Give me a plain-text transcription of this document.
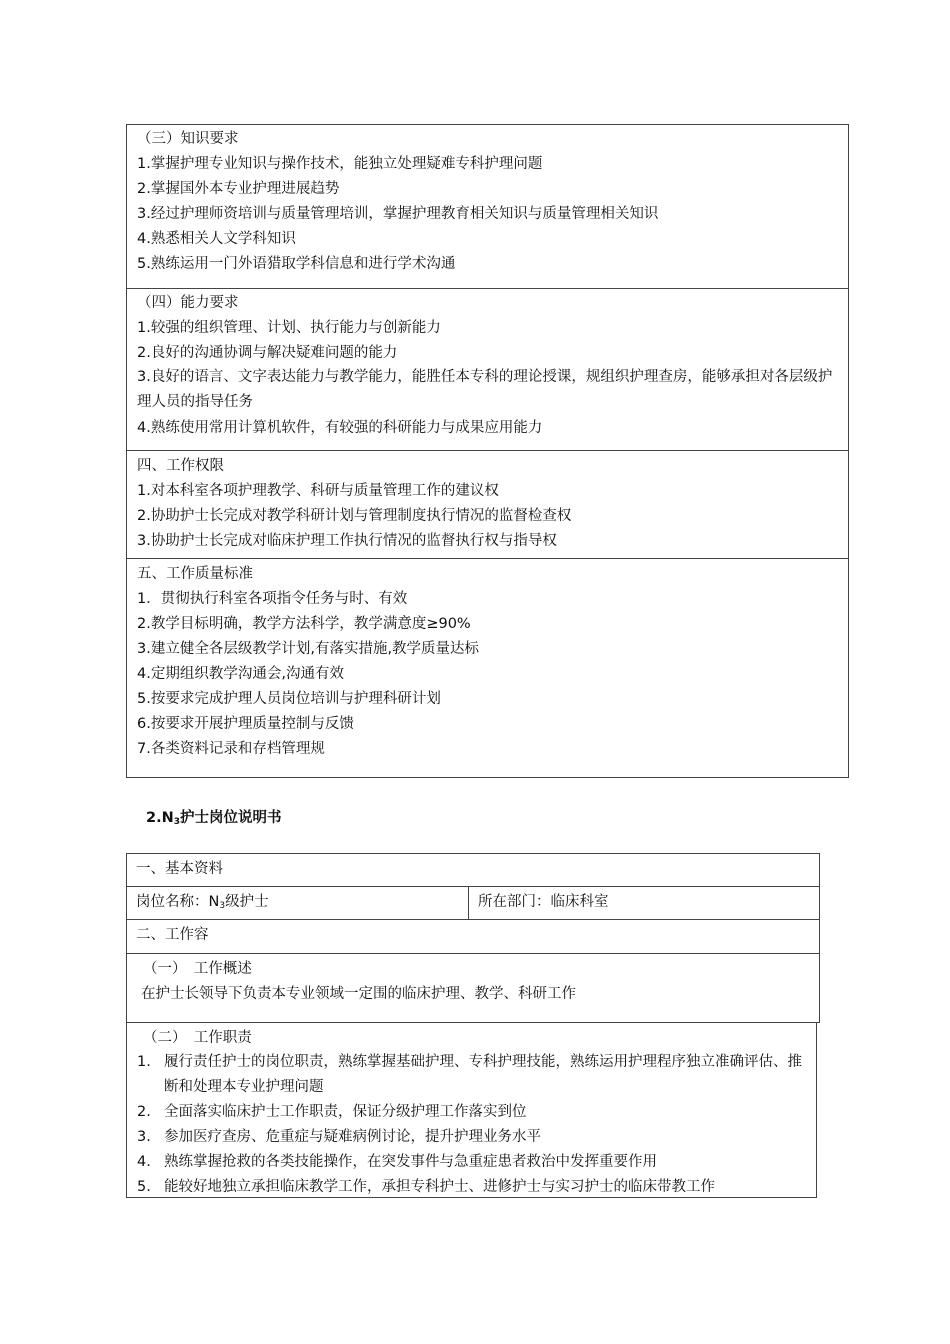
（三）知识要求
1.掌握护理专业知识与操作技术，能独立处理疑难专科护理问题
2.掌握国外本专业护理进展趋势
3.经过护理师资培训与质量管理培训，掌握护理教育相关知识与质量管理相关知识
4.熟悉相关人文学科知识
5.熟练运用一门外语猎取学科信息和进行学术沟通
（四）能力要求
1.较强的组织管理、计划、执行能力与创新能力
2.良好的沟通协调与解决疑难问题的能力
3.良好的语言、文字表达能力与教学能力，能胜任本专科的理论授课，规组织护理查房，能够承担对各层级护理人员的指导任务
4.熟练使用常用计算机软件，有较强的科研能力与成果应用能力
四、工作权限
1.对本科室各项护理教学、科研与质量管理工作的建议权
2.协助护士长完成对教学科研计划与管理制度执行情况的监督检查权
3.协助护士长完成对临床护理工作执行情况的监督执行权与指导权
五、工作质量标准
1．贯彻执行科室各项指令任务与时、有效
2.教学目标明确，教学方法科学，教学满意度≥90%
3.建立健全各层级教学计划,有落实措施,教学质量达标
4.定期组织教学沟通会,沟通有效
5.按要求完成护理人员岗位培训与护理科研计划
6.按要求开展护理质量控制与反馈
7.各类资料记录和存档管理规
$2.N_3$护士岗位说明书
一、基本资料
岗位名称：$N_3$级护士	所在部门：临床科室
二、工作容
（一）　工作概述
在护士长领导下负责本专业领域一定围的临床护理、教学、科研工作
（二）　工作职责
1. 履行责任护士的岗位职责，熟练掌握基础护理、专科护理技能，熟练运用护理程序独立准确评估、推断和处理本专业护理问题
2. 全面落实临床护士工作职责，保证分级护理工作落实到位
3. 参加医疗查房、危重症与疑难病例讨论，提升护理业务水平
4. 熟练掌握抢救的各类技能操作，在突发事件与急重症患者救治中发挥重要作用
5. 能较好地独立承担临床教学工作，承担专科护士、进修护士与实习护士的临床带教工作
